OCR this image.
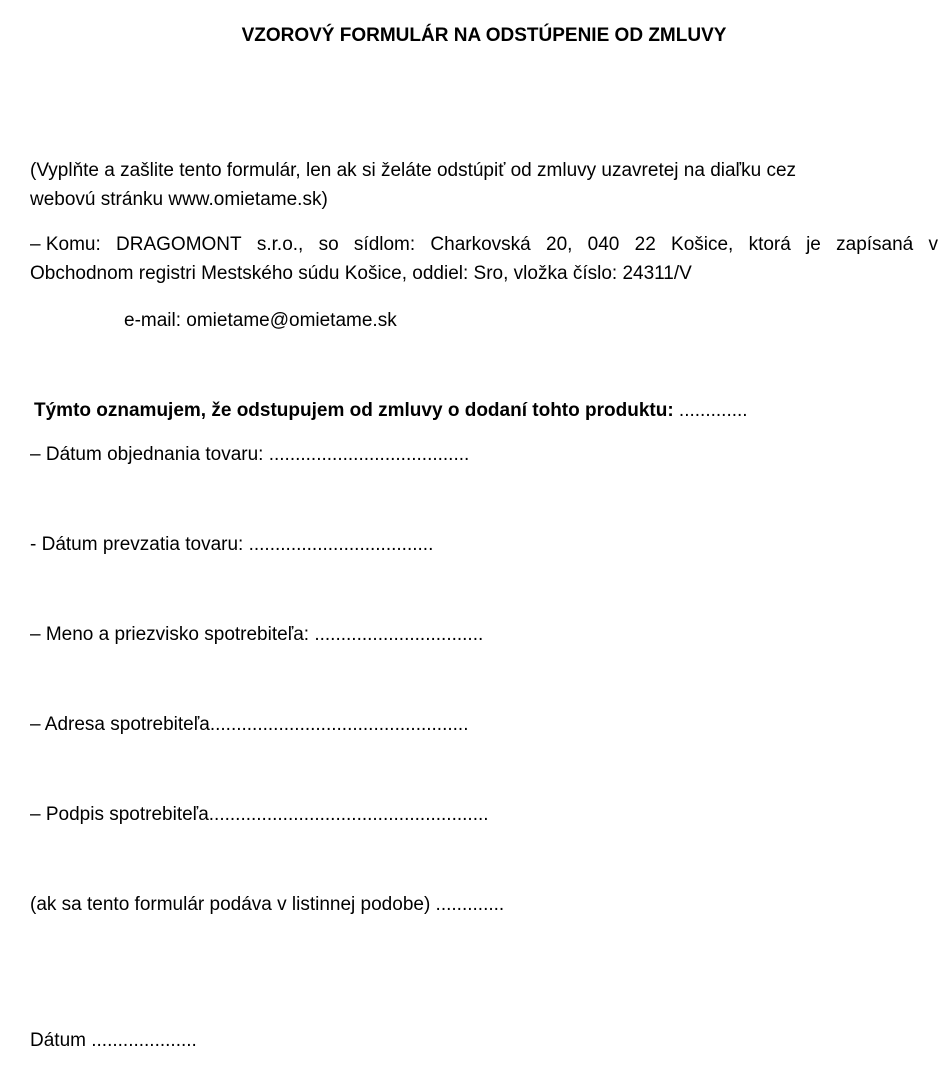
VZOROVÝ FORMULÁR NA ODSTÚPENIE OD ZMLUVY
(Vyplňte a zašlite tento formulár, len ak si želáte odstúpiť od zmluvy uzavretej na diaľku cez
webovú stránku www.omietame.sk)
– Komu: DRAGOMONT s.r.o., so sídlom: Charkovská 20, 040 22 Košice, ktorá je zapísaná v
Obchodnom registri Mestského súdu Košice, oddiel: Sro, vložka číslo: 24311/V
e-mail: omietame@omietame.sk
Týmto oznamujem, že odstupujem od zmluvy o dodaní tohto produktu: .............
– Dátum objednania tovaru: ......................................
- Dátum prevzatia tovaru: ...................................
– Meno a priezvisko spotrebiteľa: ................................
– Adresa spotrebiteľa.................................................
– Podpis spotrebiteľa.....................................................
(ak sa tento formulár podáva v listinnej podobe) .............
Dátum ....................
